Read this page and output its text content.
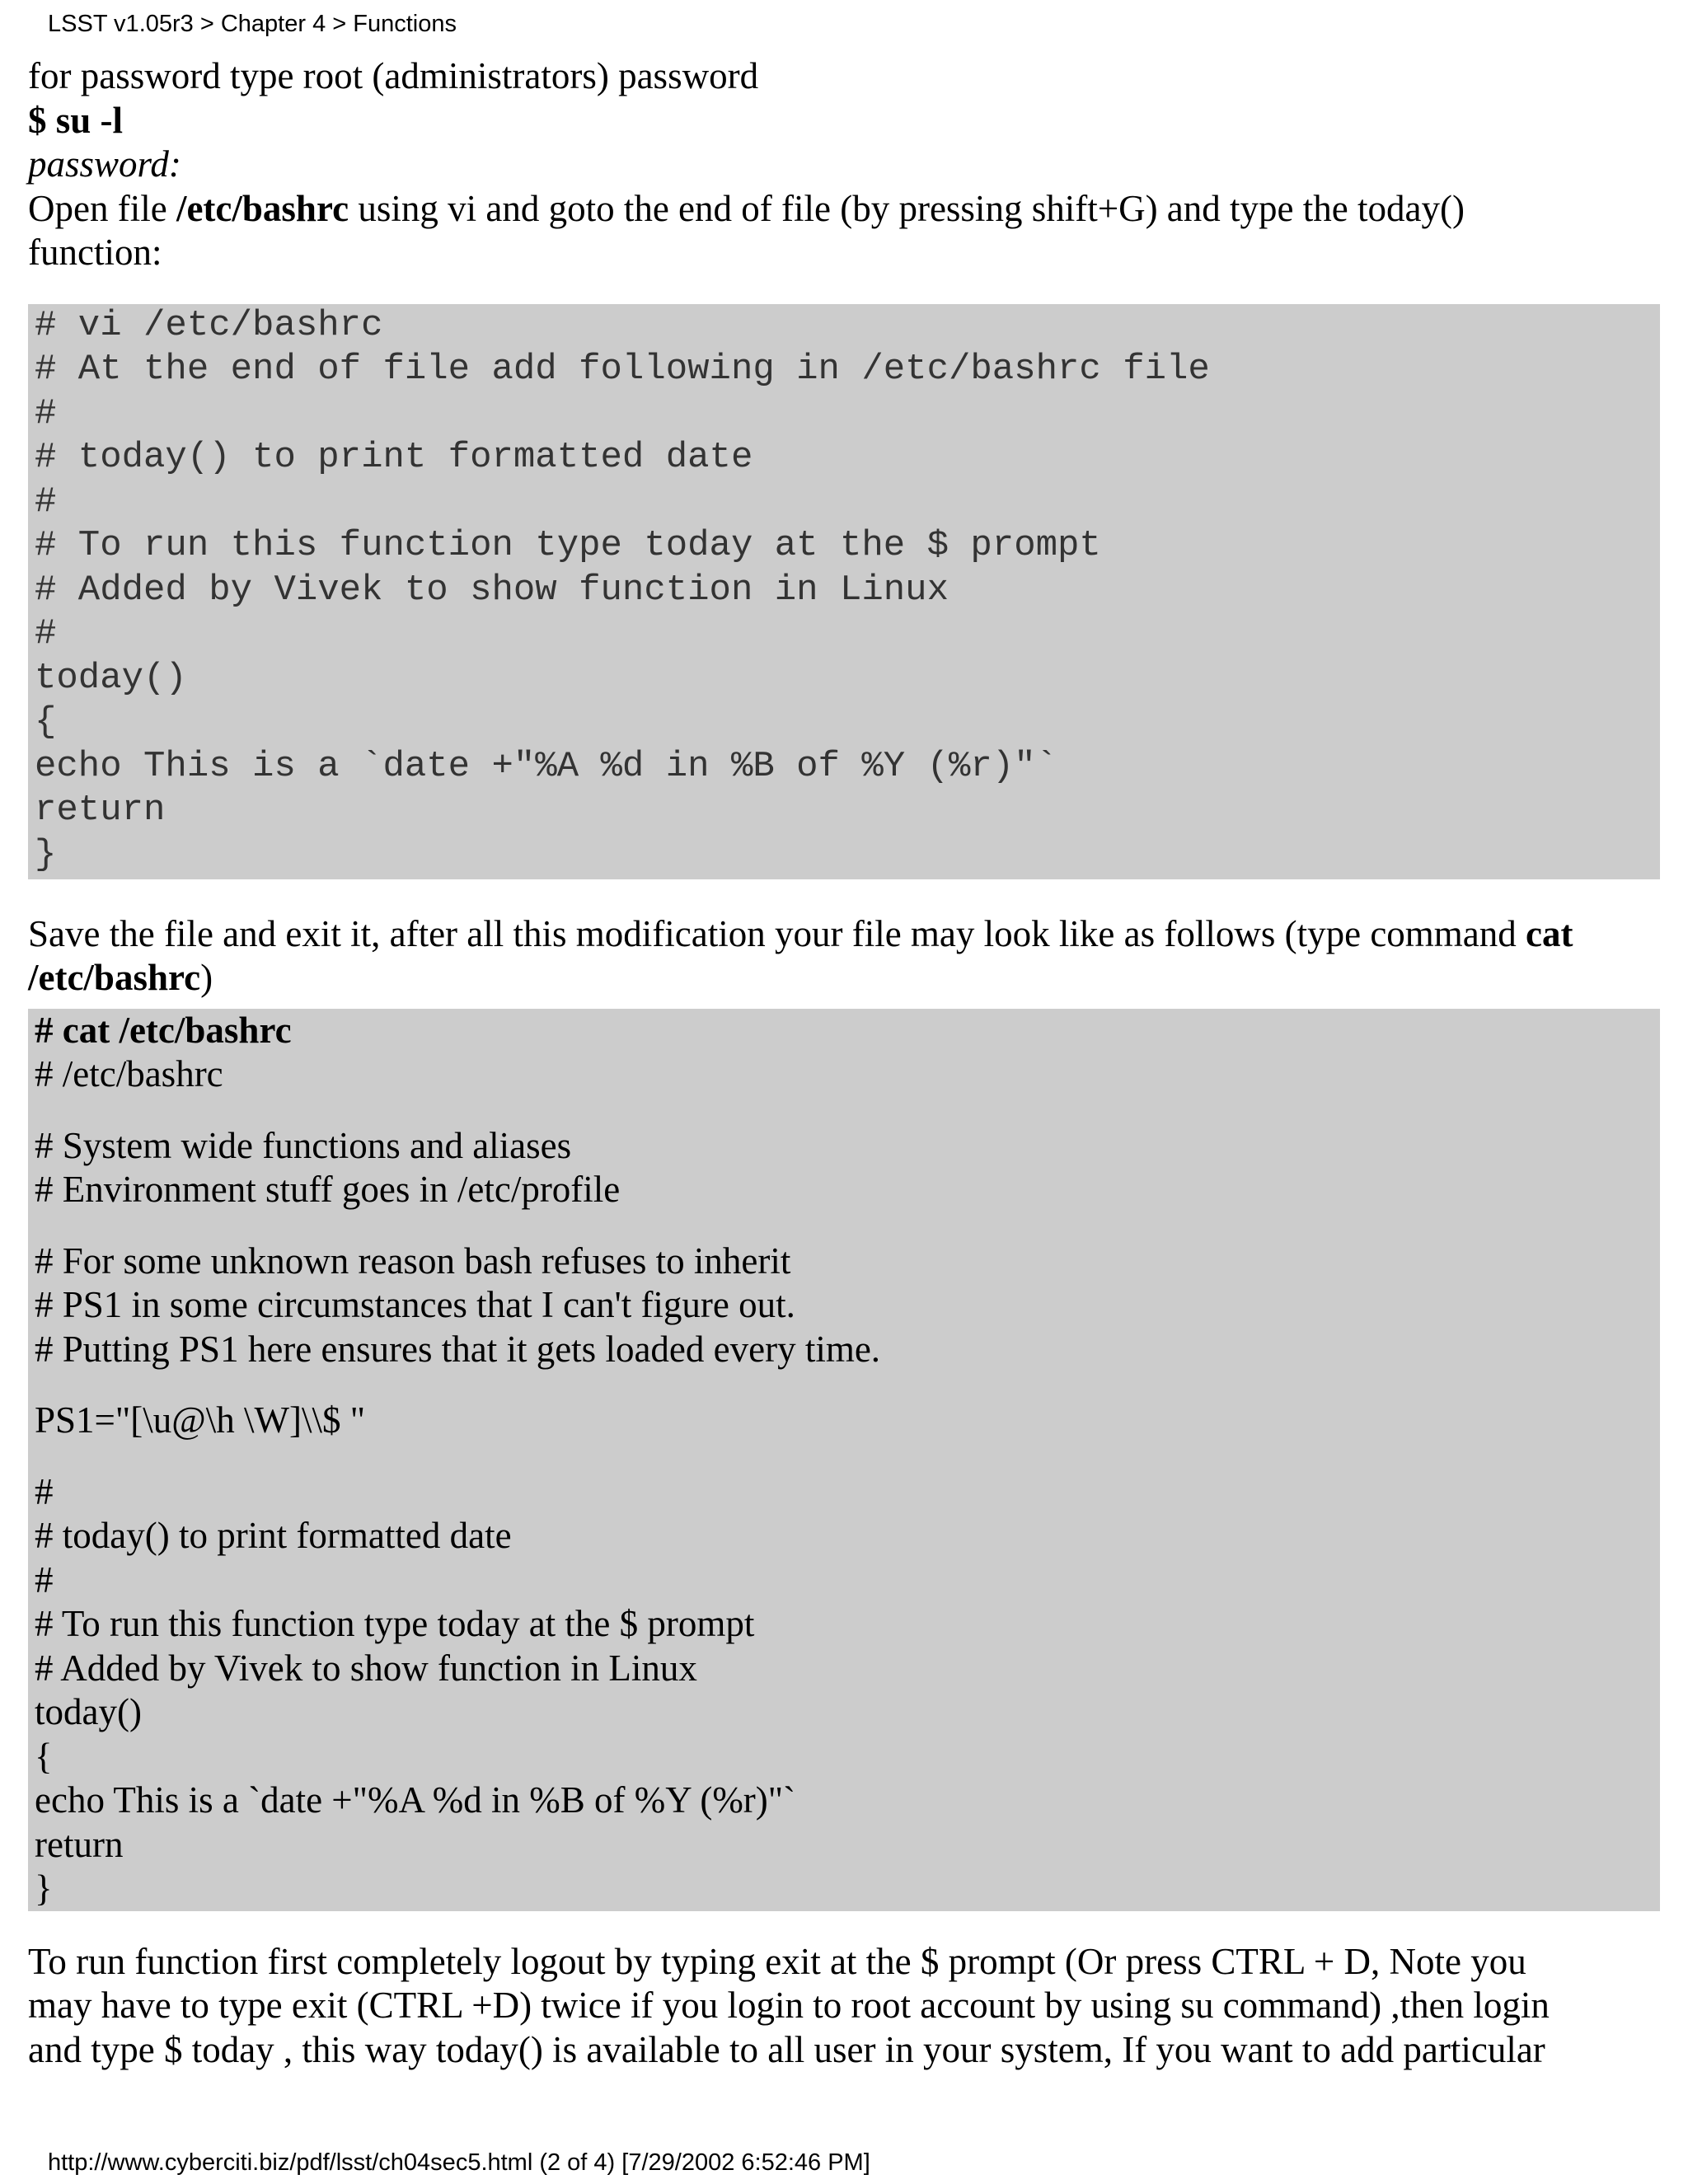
LSST v1.05r3 > Chapter 4 > Functions
for password type root (administrators) password
$ su -l
password:
Open file /etc/bashrc using vi and goto the end of file (by pressing shift+G) and type the today()
function:
# vi /etc/bashrc
# At the end of file add following in /etc/bashrc file
#
# today() to print formatted date
#
# To run this function type today at the $ prompt
# Added by Vivek to show function in Linux
#
today()
{
echo This is a `date +"%A %d in %B of %Y (%r)"`
return
}
Save the file and exit it, after all this modification your file may look like as follows (type command cat
/etc/bashrc)
# cat /etc/bashrc
# /etc/bashrc
# System wide functions and aliases
# Environment stuff goes in /etc/profile
# For some unknown reason bash refuses to inherit
# PS1 in some circumstances that I can't figure out.
# Putting PS1 here ensures that it gets loaded every time.
PS1="[\u@\h \W]\\$ "
#
# today() to print formatted date
#
# To run this function type today at the $ prompt
# Added by Vivek to show function in Linux
today()
{
echo This is a `date +"%A %d in %B of %Y (%r)"`
return
}
To run function first completely logout by typing exit at the $ prompt (Or press CTRL + D, Note you
may have to type exit (CTRL +D) twice if you login to root account by using su command) ,then login
and type $ today , this way today() is available to all user in your system, If you want to add particular
http://www.cyberciti.biz/pdf/lsst/ch04sec5.html (2 of 4) [7/29/2002 6:52:46 PM]
